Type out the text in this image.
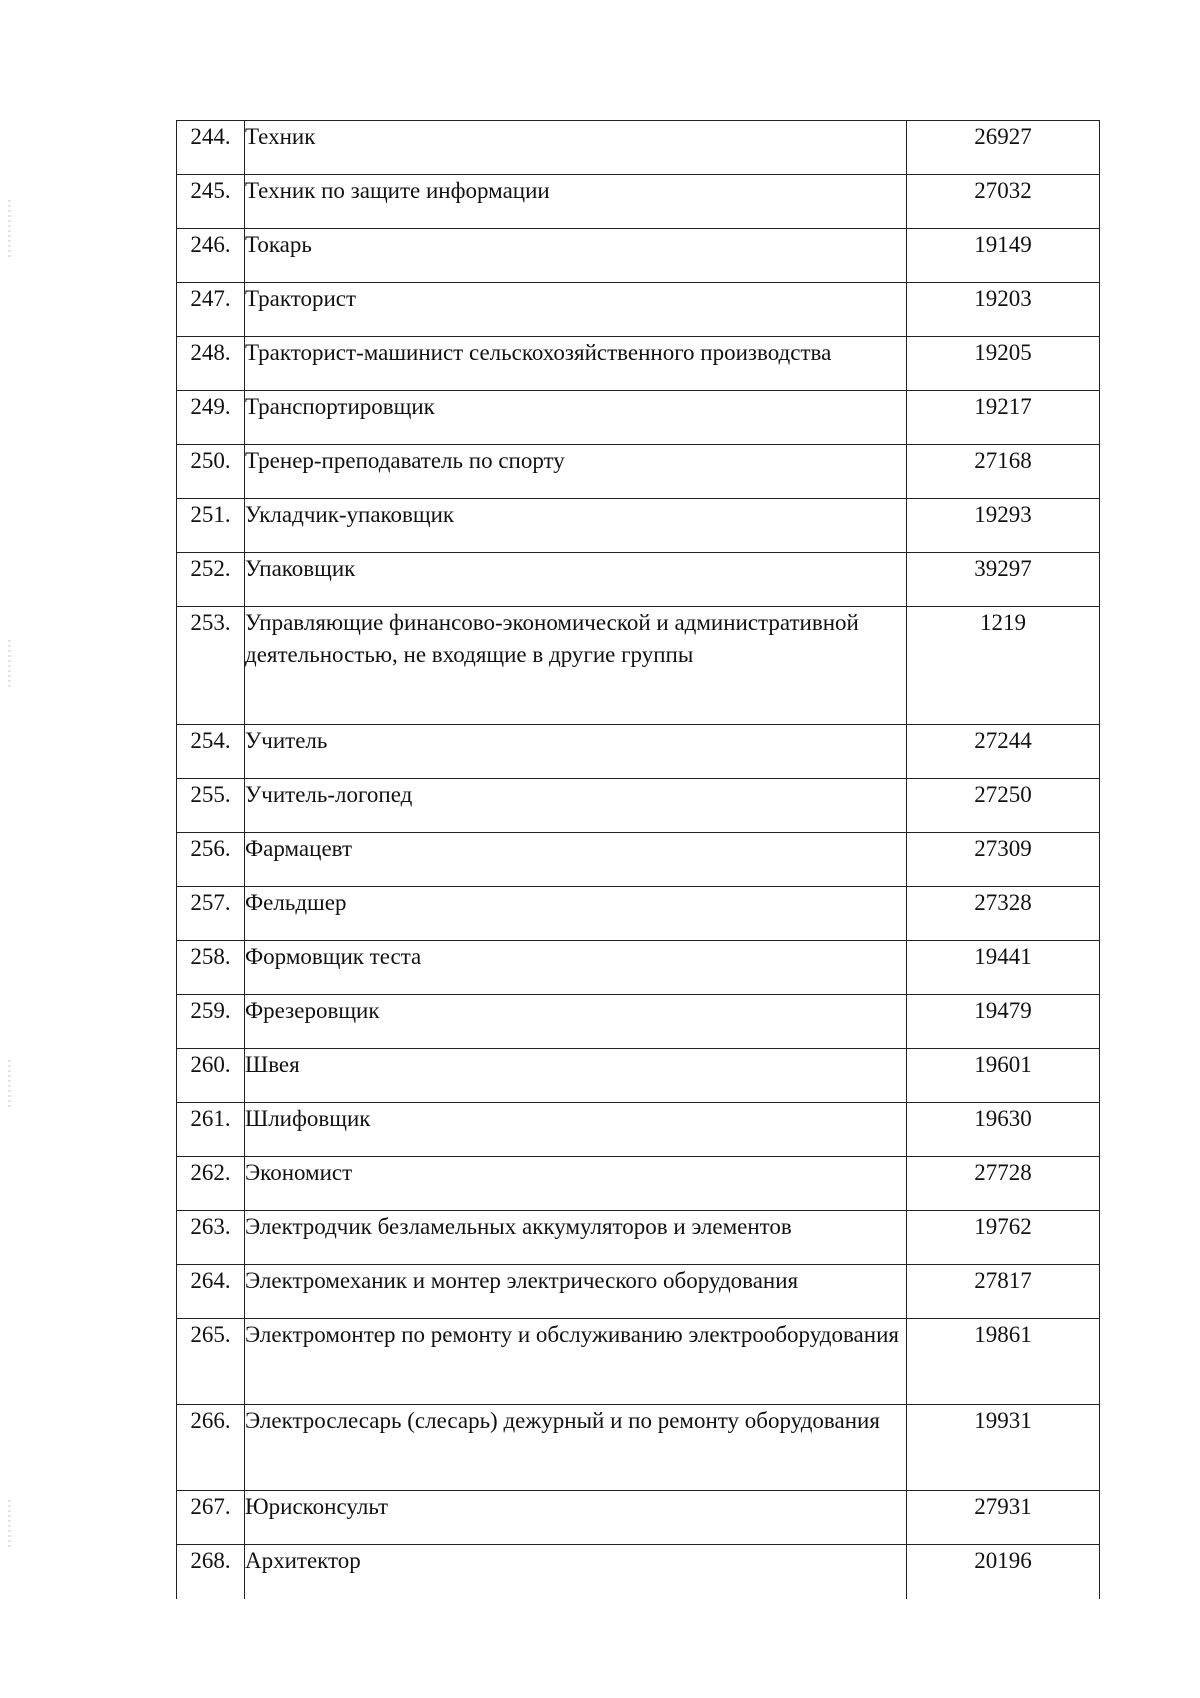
244.	Техник	26927
245.	Техник по защите информации	27032
246.	Токарь	19149
247.	Тракторист	19203
248.	Тракторист-машинист сельскохозяйственного производства	19205
249.	Транспортировщик	19217
250.	Тренер-преподаватель по спорту	27168
251.	Укладчик-упаковщик	19293
252.	Упаковщик	39297
253.	Управляющие финансово-экономической и административной деятельностью, не входящие в другие группы	1219
254.	Учитель	27244
255.	Учитель-логопед	27250
256.	Фармацевт	27309
257.	Фельдшер	27328
258.	Формовщик теста	19441
259.	Фрезеровщик	19479
260.	Швея	19601
261.	Шлифовщик	19630
262.	Экономист	27728
263.	Электродчик безламельных аккумуляторов и элементов	19762
264.	Электромеханик и монтер электрического оборудования	27817
265.	Электромонтер по ремонту и обслуживанию электрооборудования	19861
266.	Электрослесарь (слесарь) дежурный и по ремонту оборудования	19931
267.	Юрисконсульт	27931
268.	Архитектор	20196
